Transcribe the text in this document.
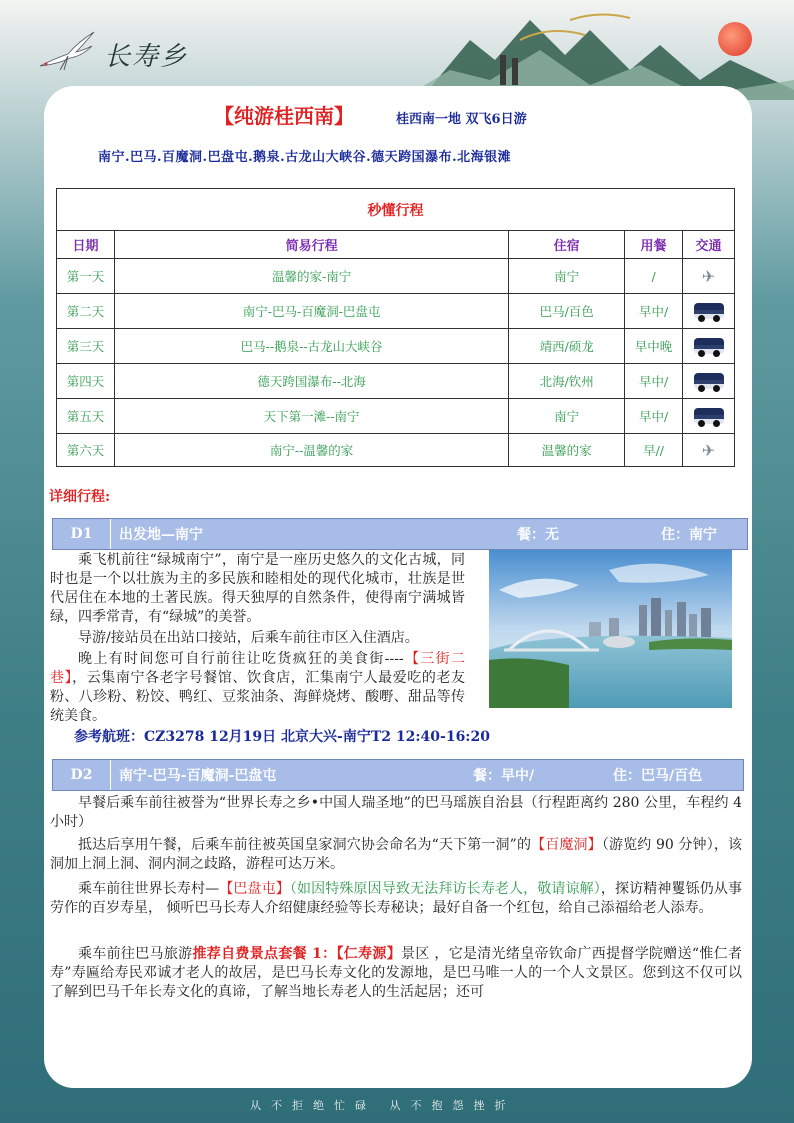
长寿乡
【纯游桂西南】	桂西南一地 双飞6日游
南宁.巴马.百魔洞.巴盘屯.鹅泉.古龙山大峡谷.德天跨国瀑布.北海银滩
秒懂行程				
日期	简易行程	住宿	用餐	交通
第一天	温馨的家-南宁	南宁	/	✈
第二天	南宁-巴马-百魔洞-巴盘屯	巴马/百色	早中/	
第三天	巴马--鹅泉--古龙山大峡谷	靖西/硕龙	早中晚	
第四天	德天跨国瀑布--北海	北海/钦州	早中/	
第五天	天下第一滩--南宁	南宁	早中/	
第六天	南宁--温馨的家	温馨的家	早//	✈
详细行程:
D1	出发地—南宁	餐：无	住：南宁
乘飞机前往“绿城南宁”，南宁是一座历史悠久的文化古城，同时也是一个以壮族为主的多民族和睦相处的现代化城市，壮族是世代居住在本地的土著民族。得天独厚的自然条件，使得南宁满城皆绿，四季常青，有“绿城”的美誉。
导游/接站员在出站口接站，后乘车前往市区入住酒店。
晚上有时间您可自行前往让吃货疯狂的美食街----【三街二巷】，云集南宁各老字号餐馆、饮食店，汇集南宁人最爱吃的老友粉、八珍粉、粉饺、鸭红、豆浆油条、海鲜烧烤、酸嘢、甜品等传统美食。
参考航班：CZ3278 12月19日 北京大兴-南宁T2 12:40-16:20
D2	南宁-巴马-百魔洞-巴盘屯	餐：早中/	住：巴马/百色
早餐后乘车前往被誉为“世界长寿之乡•中国人瑞圣地”的巴马瑶族自治县（行程距离约 280 公里，车程约 4 小时）
抵达后享用午餐，后乘车前往被英国皇家洞穴协会命名为“天下第一洞”的【百魔洞】（游览约 90 分钟），该洞加上洞上洞、洞内洞之歧路，游程可达万米。
乘车前往世界长寿村—【巴盘屯】（如因特殊原因导致无法拜访长寿老人，敬请谅解），探访精神矍铄仍从事劳作的百岁寿星， 倾听巴马长寿人介绍健康经验等长寿秘诀；最好自备一个红包，给自己添福给老人添寿。
乘车前往巴马旅游推荐自费景点套餐 1：【仁寿源】景区 ，它是清光绪皇帝钦命广西提督学院赠送“惟仁者寿”寿匾给寿民邓诚才老人的故居，是巴马长寿文化的发源地，是巴马唯一人的一个人文景区。您到这不仅可以了解到巴马千年长寿文化的真谛，了解当地长寿老人的生活起居；还可
从不拒绝忙碌 从不抱怨挫折
